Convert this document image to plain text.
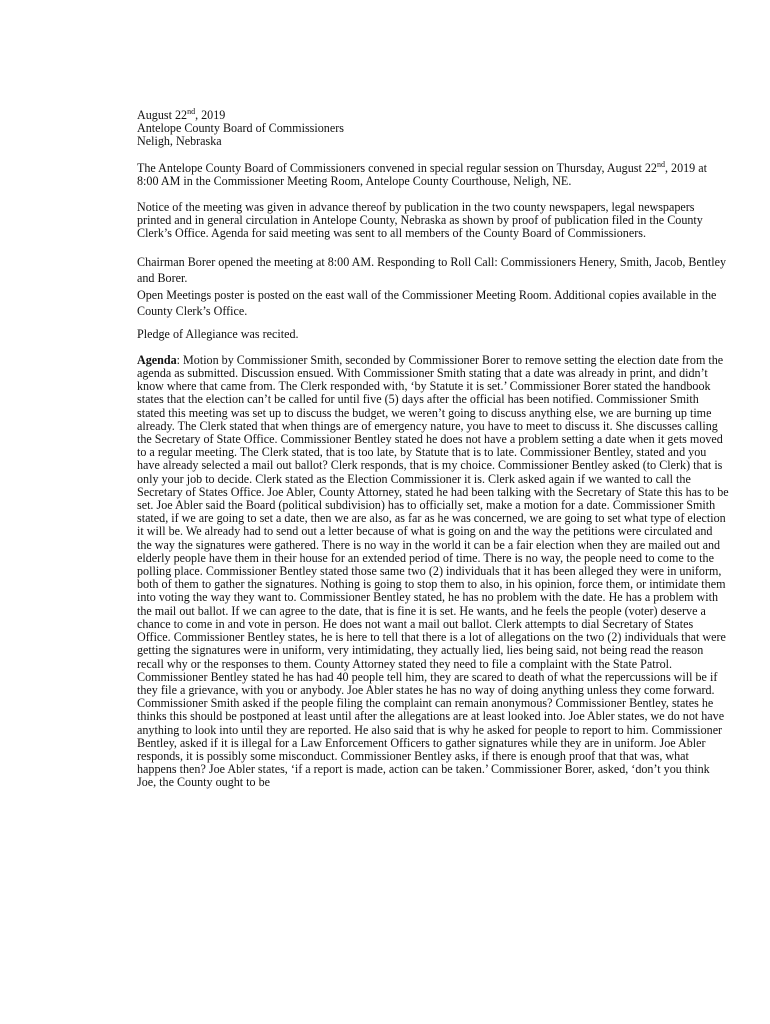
August 22nd, 2019

Antelope County Board of Commissioners

Neligh, Nebraska

The Antelope County Board of Commissioners convened in special regular session on Thursday, August 22nd, 2019 at 8:00 AM in the Commissioner Meeting Room, Antelope County Courthouse, Neligh, NE.

Notice of the meeting was given in advance thereof by publication in the two county newspapers, legal newspapers printed and in general circulation in Antelope County, Nebraska as shown by proof of publication filed in the County Clerk’s Office. Agenda for said meeting was sent to all members of the County Board of Commissioners.

Chairman Borer opened the meeting at 8:00 AM. Responding to Roll Call: Commissioners Henery, Smith, Jacob, Bentley and Borer.

Open Meetings poster is posted on the east wall of the Commissioner Meeting Room. Additional copies available in the County Clerk’s Office.

Pledge of Allegiance was recited.

Agenda: Motion by Commissioner Smith, seconded by Commissioner Borer to remove setting the election date from the agenda as submitted. Discussion ensued. With Commissioner Smith stating that a date was already in print, and didn’t know where that came from. The Clerk responded with, ‘by Statute it is set.’ Commissioner Borer stated the handbook states that the election can’t be called for until five (5) days after the official has been notified. Commissioner Smith stated this meeting was set up to discuss the budget, we weren’t going to discuss anything else, we are burning up time already. The Clerk stated that when things are of emergency nature, you have to meet to discuss it. She discusses calling the Secretary of State Office. Commissioner Bentley stated he does not have a problem setting a date when it gets moved to a regular meeting. The Clerk stated, that is too late, by Statute that is to late. Commissioner Bentley, stated and you have already selected a mail out ballot? Clerk responds, that is my choice. Commissioner Bentley asked (to Clerk) that is only your job to decide. Clerk stated as the Election Commissioner it is. Clerk asked again if we wanted to call the Secretary of States Office. Joe Abler, County Attorney, stated he had been talking with the Secretary of State this has to be set. Joe Abler said the Board (political subdivision) has to officially set, make a motion for a date. Commissioner Smith stated, if we are going to set a date, then we are also, as far as he was concerned, we are going to set what type of election it will be. We already had to send out a letter because of what is going on and the way the petitions were circulated and the way the signatures were gathered. There is no way in the world it can be a fair election when they are mailed out and elderly people have them in their house for an extended period of time. There is no way, the people need to come to the polling place. Commissioner Bentley stated those same two (2) individuals that it has been alleged they were in uniform, both of them to gather the signatures. Nothing is going to stop them to also, in his opinion, force them, or intimidate them into voting the way they want to. Commissioner Bentley stated, he has no problem with the date. He has a problem with the mail out ballot. If we can agree to the date, that is fine it is set. He wants, and he feels the people (voter) deserve a chance to come in and vote in person. He does not want a mail out ballot. Clerk attempts to dial Secretary of States Office. Commissioner Bentley states, he is here to tell that there is a lot of allegations on the two (2) individuals that were getting the signatures were in uniform, very intimidating, they actually lied, lies being said, not being read the reason recall why or the responses to them. County Attorney stated they need to file a complaint with the State Patrol. Commissioner Bentley stated he has had 40 people tell him, they are scared to death of what the repercussions will be if they file a grievance, with you or anybody. Joe Abler states he has no way of doing anything unless they come forward. Commissioner Smith asked if the people filing the complaint can remain anonymous? Commissioner Bentley, states he thinks this should be postponed at least until after the allegations are at least looked into. Joe Abler states, we do not have anything to look into until they are reported. He also said that is why he asked for people to report to him. Commissioner Bentley, asked if it is illegal for a Law Enforcement Officers to gather signatures while they are in uniform. Joe Abler responds, it is possibly some misconduct. Commissioner Bentley asks, if there is enough proof that that was, what happens then? Joe Abler states, ‘if a report is made, action can be taken.’ Commissioner Borer, asked, ‘don’t you think Joe, the County ought to be
